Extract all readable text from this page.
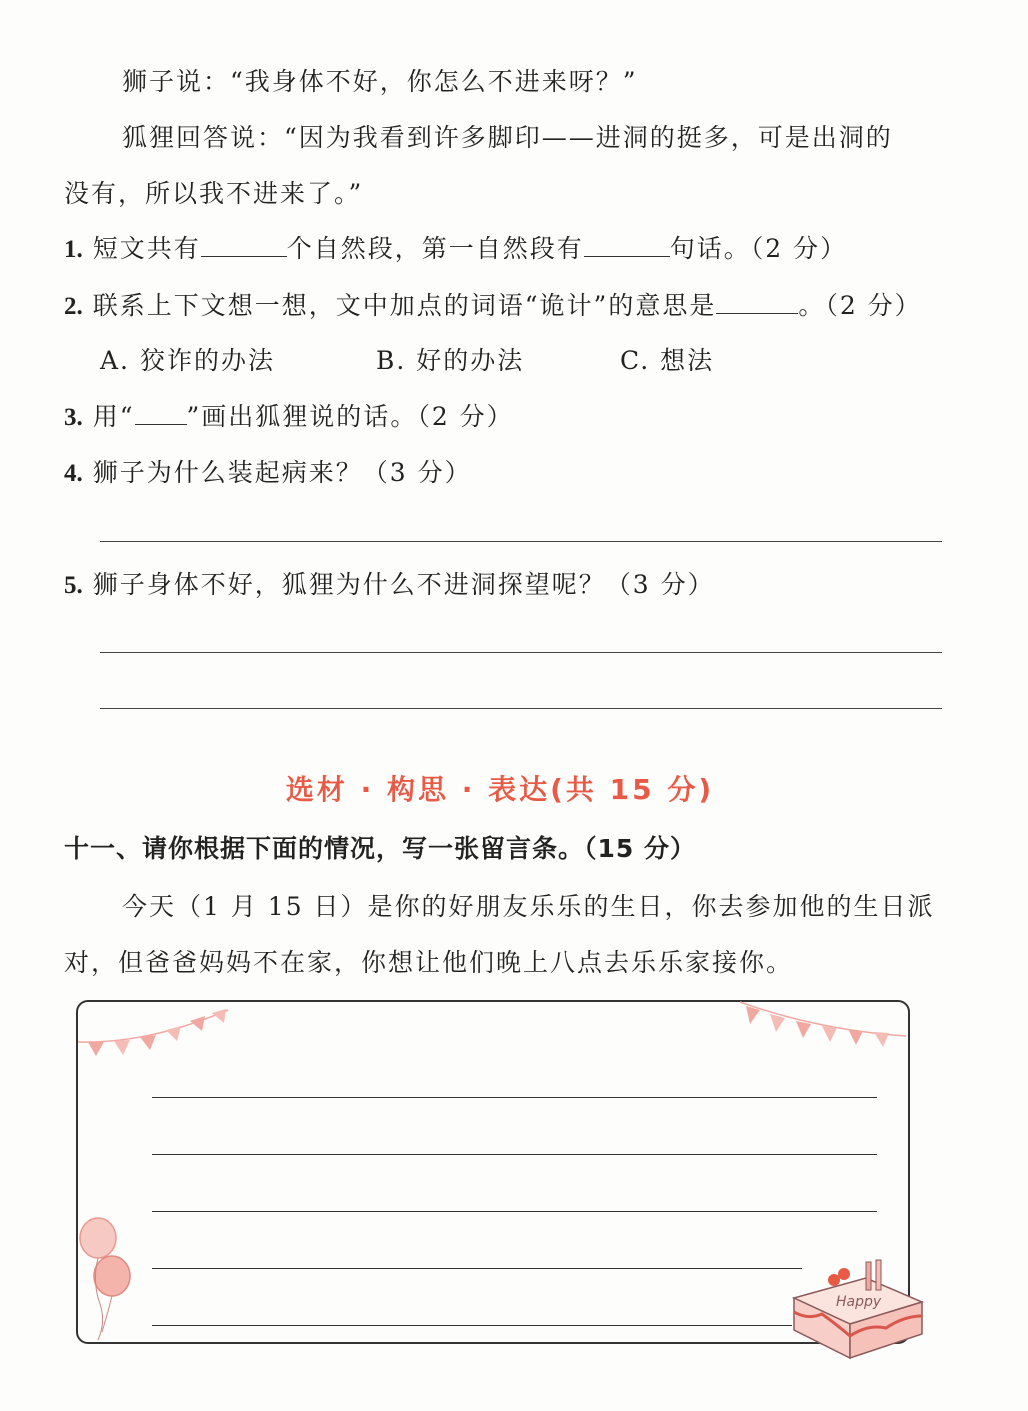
狮子说：“我身体不好，你怎么不进来呀？”
狐狸回答说：“因为我看到许多脚印——进洞的挺多，可是出洞的
没有，所以我不进来了。”
1. 短文共有	个自然段，第一自然段有	句话。（2 分）
2. 联系上下文想一想，文中加点的词语“诡计”的意思是	。（2 分）
A. 狡诈的办法	B. 好的办法	C. 想法
3. 用“ ”画出狐狸说的话。（2 分）
4. 狮子为什么装起病来？（3 分）
5. 狮子身体不好，狐狸为什么不进洞探望呢？（3 分）
选材 · 构思 · 表达(共 15 分)
十一、请你根据下面的情况，写一张留言条。（15 分）
今天（1 月 15 日）是你的好朋友乐乐的生日，你去参加他的生日派
对，但爸爸妈妈不在家，你想让他们晚上八点去乐乐家接你。
Happy
